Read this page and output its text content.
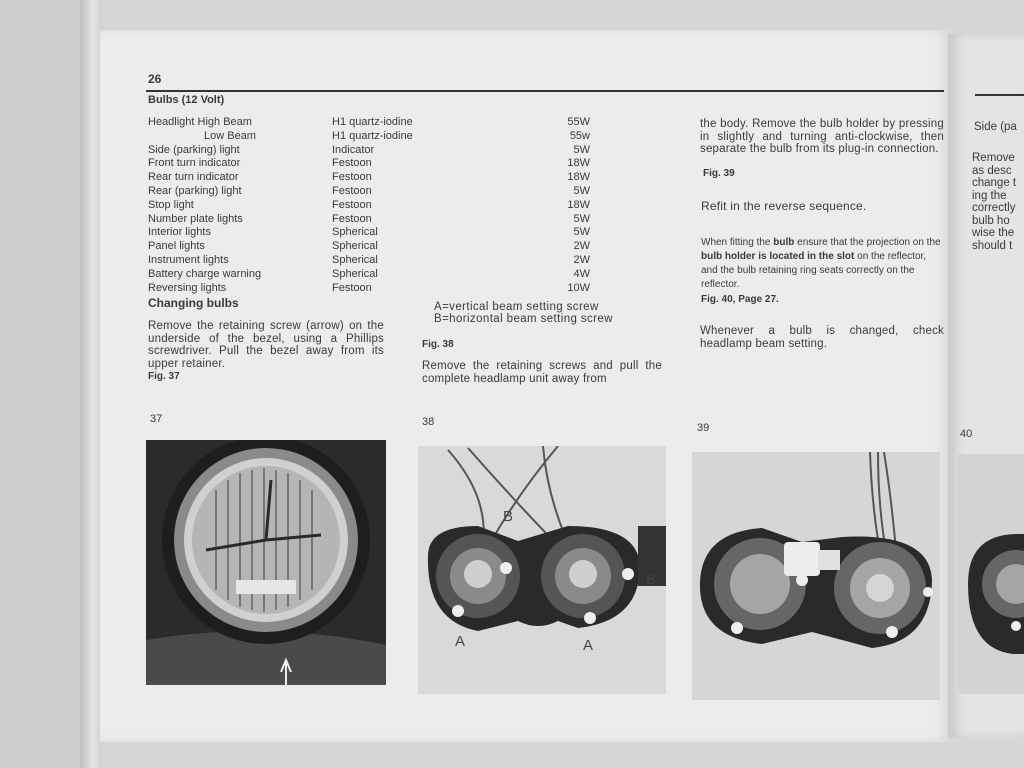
26
Bulbs (12 Volt)
Headlight High Beam	H1 quartz-iodine	55W
Low Beam	H1 quartz-iodine	55w
Side (parking) light	Indicator	5W
Front turn indicator	Festoon	18W
Rear turn indicator	Festoon	18W
Rear (parking) light	Festoon	5W
Stop light	Festoon	18W
Number plate lights	Festoon	5W
Interior lights	Spherical	5W
Panel lights	Spherical	2W
Instrument lights	Spherical	2W
Battery charge warning	Spherical	4W
Reversing lights	Festoon	10W
Changing bulbs
Remove the retaining screw (arrow) on the underside of the bezel, using a Phillips screwdriver. Pull the bezel away from its upper retainer.
Fig. 37
A=vertical beam setting screw
B=horizontal beam setting screw
Fig. 38
Remove the retaining screws and pull the complete headlamp unit away from
the body. Remove the bulb holder by pressing in slightly and turning anti-clockwise, then separate the bulb from its plug-in connection.
Fig. 39
Refit in the reverse sequence.
When fitting the bulb ensure that the projection on the bulb holder is located in the slot on the reflector, and the bulb retaining ring seats correctly on the reflector.
Fig. 40, Page 27.
Whenever a bulb is changed, check headlamp beam setting.
37	38	39
B
B
A	A
Side (pa
Remove
as desc
change t
ing the
correctly
bulb ho
wise the
should t
40
